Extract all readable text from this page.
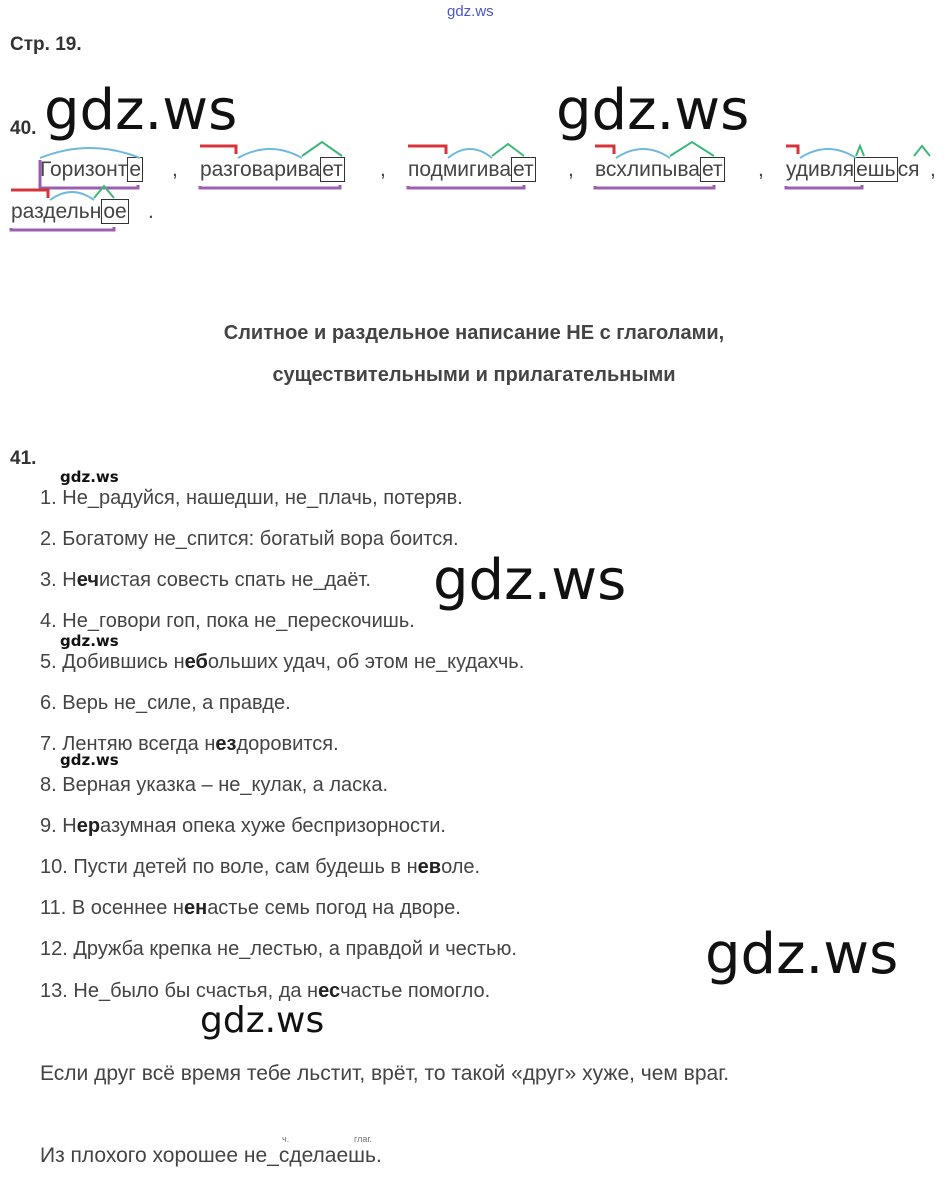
gdz.ws
Стр. 19.
gdz.ws	gdz.ws
40.
Горизонте , разговаривает , подмигивает , всхлипывает , удивляешься ,
раздельное .
Слитное и раздельное написание НЕ с глаголами,
существительными и прилагательными
41.
gdz.ws
1. Не_радуйся, нашедши, не_плачь, потеряв.
2. Богатому не_спится: богатый вора боится.
3. Нечистая совесть спать не_даёт. gdz.ws
4. Не_говори гоп, пока не_перескочишь.
gdz.ws
5. Добившись небольших удач, об этом не_кудахчь.
6. Верь не_силе, а правде.
7. Лентяю всегда нездоровится.
gdz.ws
8. Верная указка – не_кулак, а ласка.
9. Неразумная опека хуже беспризорности.
10. Пусти детей по воле, сам будешь в неволе.
11. В осеннее ненастье семь погод на дворе.
12. Дружба крепка не_лестью, а правдой и честью.	gdz.ws
13. Не_было бы счастья, да несчастье помогло.
gdz.ws
Если друг всё время тебе льстит, врёт, то такой «друг» хуже, чем враг.
ч.	глаг.
Из плохого хорошее не_сделаешь.
